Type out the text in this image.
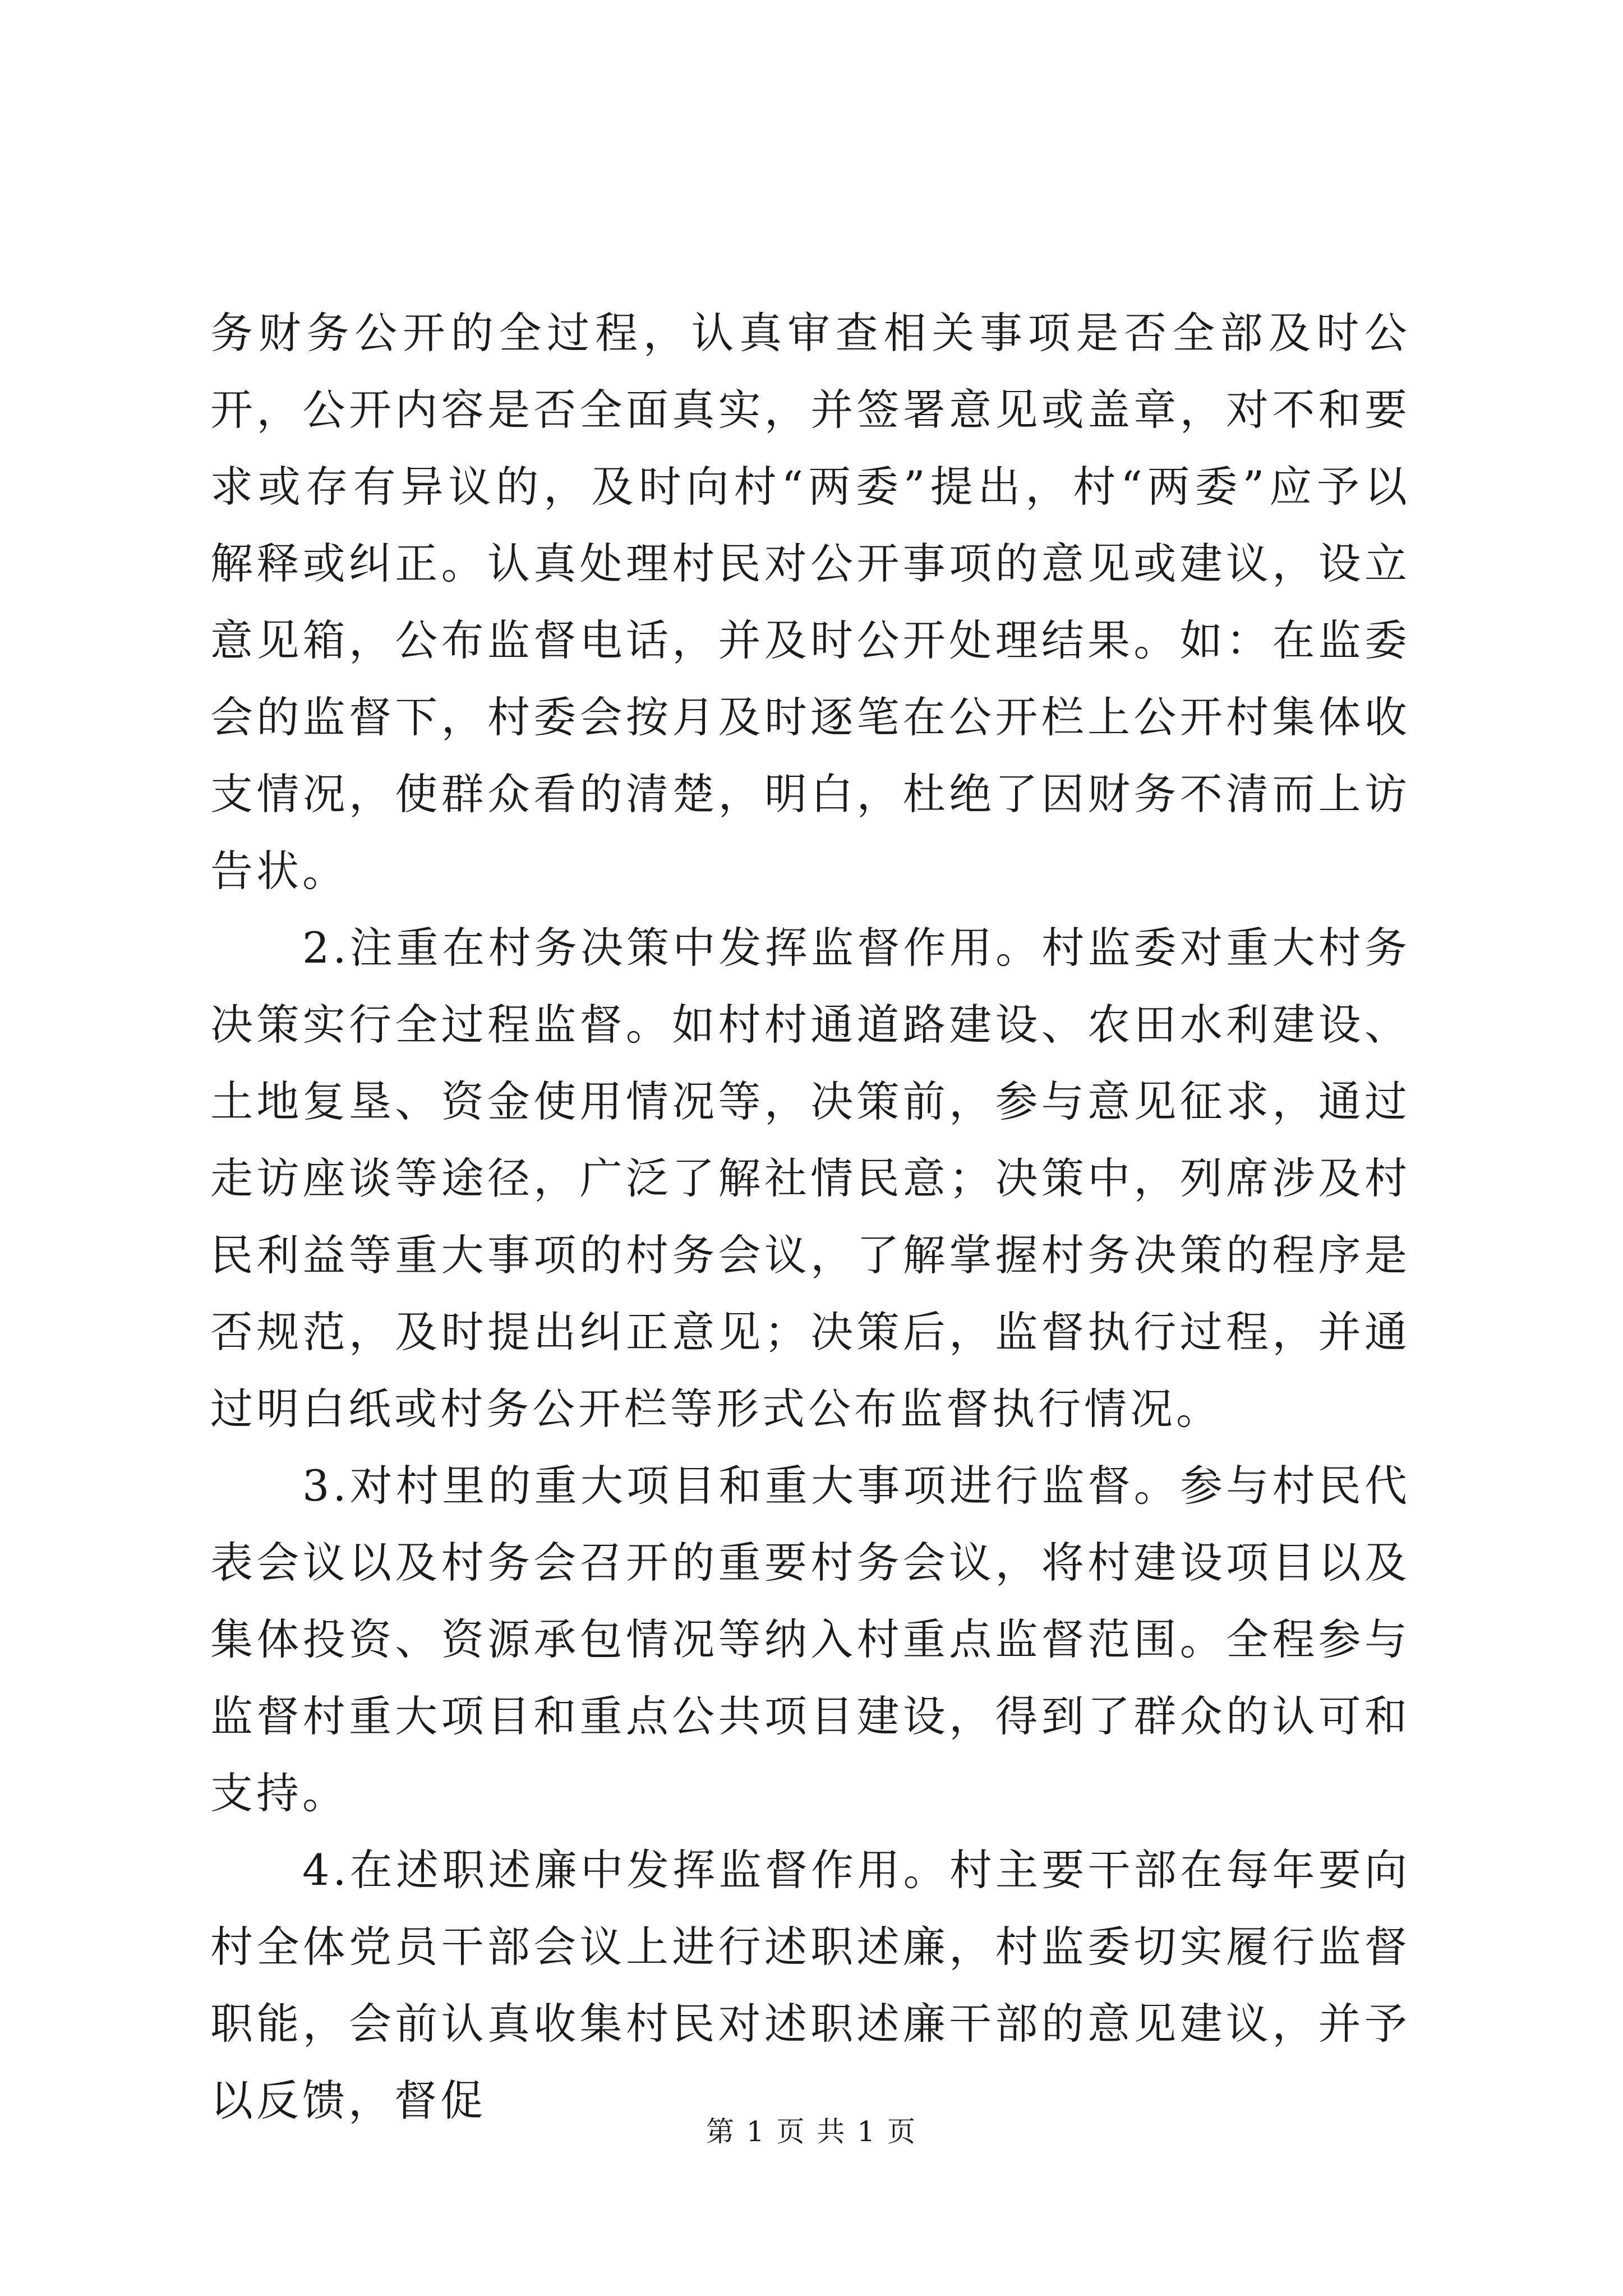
务财务公开的全过程，认真审查相关事项是否全部及时公开，公开内容是否全面真实，并签署意见或盖章，对不和要求或存有异议的，及时向村“两委”提出，村“两委”应予以解释或纠正。认真处理村民对公开事项的意见或建议，设立意见箱，公布监督电话，并及时公开处理结果。如：在监委会的监督下，村委会按月及时逐笔在公开栏上公开村集体收支情况，使群众看的清楚，明白，杜绝了因财务不清而上访告状。

2.注重在村务决策中发挥监督作用。村监委对重大村务决策实行全过程监督。如村村通道路建设、农田水利建设、土地复垦、资金使用情况等，决策前，参与意见征求，通过走访座谈等途径，广泛了解社情民意；决策中，列席涉及村民利益等重大事项的村务会议，了解掌握村务决策的程序是否规范，及时提出纠正意见；决策后，监督执行过程，并通过明白纸或村务公开栏等形式公布监督执行情况。

3.对村里的重大项目和重大事项进行监督。参与村民代表会议以及村务会召开的重要村务会议，将村建设项目以及集体投资、资源承包情况等纳入村重点监督范围。全程参与监督村重大项目和重点公共项目建设，得到了群众的认可和支持。

4.在述职述廉中发挥监督作用。村主要干部在每年要向村全体党员干部会议上进行述职述廉，村监委切实履行监督职能，会前认真收集村民对述职述廉干部的意见建议，并予以反馈，督促

第 1 页 共 1 页
